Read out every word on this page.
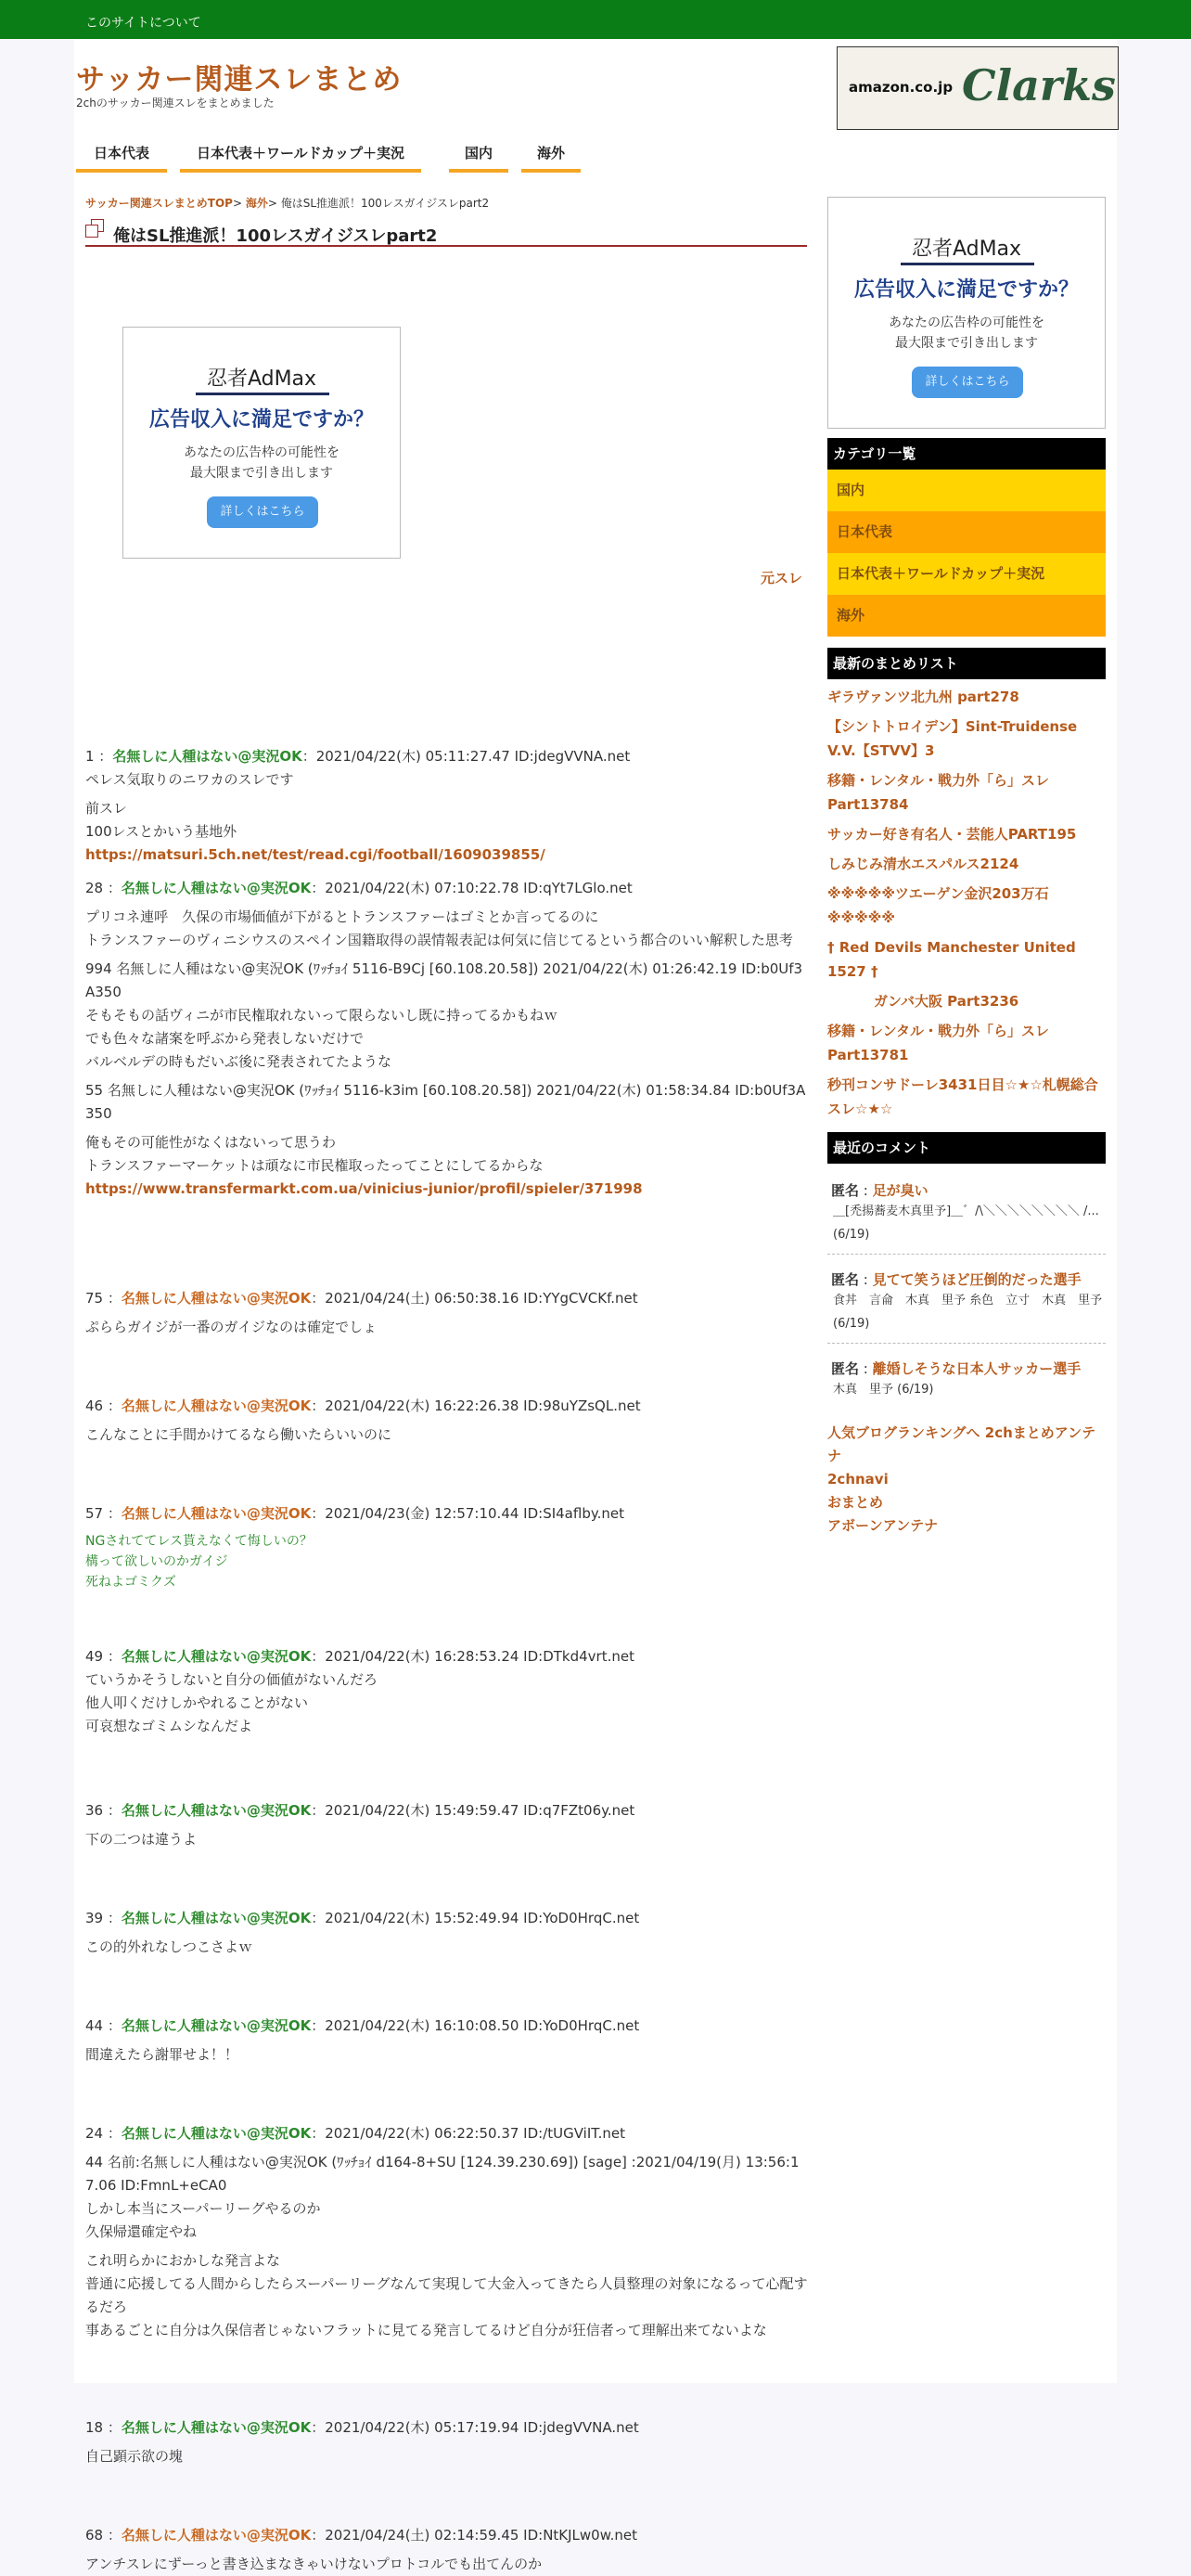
このサイトについて
サッカー関連スレまとめ
2chのサッカー関連スレをまとめました
amazon.co.jp Clarks
日本代表	日本代表＋ワールドカップ＋実況	国内	海外
サッカー関連スレまとめTOP> 海外> 俺はSL推進派！100レスガイジスレpart2
俺はSL推進派！100レスガイジスレpart2
忍者AdMax
広告収入に満足ですか？
あなたの広告枠の可能性を
最大限まで引き出します
詳しくはこちら
元スレ
1 ：名無しに人種はない@実況OK：2021/04/22(木) 05:11:27.47 ID:jdegVVNA.net
ペレス気取りのニワカのスレです

前スレ
100レスとかいう基地外
https://matsuri.5ch.net/test/read.cgi/football/1609039855/

28 ：名無しに人種はない@実況OK：2021/04/22(木) 07:10:22.78 ID:qYt7LGlo.net

プリコネ連呼　久保の市場価値が下がるとトランスファーはゴミとか言ってるのに
トランスファーのヴィニシウスのスペイン国籍取得の誤情報表記は何気に信じてるという都合のいい解釈した思考

994 名無しに人種はない@実況OK (ﾜｯﾁｮｲ 5116-B9Cj [60.108.20.58]) 2021/04/22(木) 01:26:42.19 ID:b0Uf3A350
そもそもの話ヴィニが市民権取れないって限らないし既に持ってるかもねｗ
でも色々な諸案を呼ぶから発表しないだけで
バルベルデの時もだいぶ後に発表されてたような

55 名無しに人種はない@実況OK (ﾜｯﾁｮｲ 5116-k3im [60.108.20.58]) 2021/04/22(木) 01:58:34.84 ID:b0Uf3A350

俺もその可能性がなくはないって思うわ
トランスファーマーケットは頑なに市民権取ったってことにしてるからな
https://www.transfermarkt.com.ua/vinicius-junior/profil/spieler/371998

75 ：名無しに人種はない@実況OK：2021/04/24(土) 06:50:38.16 ID:YYgCVCKf.net

ぷららガイジが一番のガイジなのは確定でしょ

46 ：名無しに人種はない@実況OK：2021/04/22(木) 16:22:26.38 ID:98uYZsQL.net

こんなことに手間かけてるなら働いたらいいのに

57 ：名無しに人種はない@実況OK：2021/04/23(金) 12:57:10.44 ID:SI4aflby.net

NGされててレス貰えなくて悔しいの？
構って欲しいのかガイジ
死ねよゴミクズ

49 ：名無しに人種はない@実況OK：2021/04/22(木) 16:28:53.24 ID:DTkd4vrt.net
ていうかそうしないと自分の価値がないんだろ
他人叩くだけしかやれることがない
可哀想なゴミムシなんだよ
36 ：名無しに人種はない@実況OK：2021/04/22(木) 15:49:59.47 ID:q7FZt06y.net

下の二つは違うよ

39 ：名無しに人種はない@実況OK：2021/04/22(木) 15:52:49.94 ID:YoD0HrqC.net

この的外れなしつこさよｗ

44 ：名無しに人種はない@実況OK：2021/04/22(木) 16:10:08.50 ID:YoD0HrqC.net

間違えたら謝罪せよ！！

24 ：名無しに人種はない@実況OK：2021/04/22(木) 06:22:50.37 ID:/tUGViIT.net

44 名前:名無しに人種はない@実況OK (ﾜｯﾁｮｲ d164-8+SU [124.39.230.69]) [sage] :2021/04/19(月) 13:56:17.06 ID:FmnL+eCA0
しかし本当にスーパーリーグやるのか
久保帰還確定やね

これ明らかにおかしな発言よな
普通に応援してる人間からしたらスーパーリーグなんて実現して大金入ってきたら人員整理の対象になるって心配するだろ
事あるごとに自分は久保信者じゃないフラットに見てる発言してるけど自分が狂信者って理解出来てないよな

18 ：名無しに人種はない@実況OK：2021/04/22(木) 05:17:19.94 ID:jdegVVNA.net

自己顕示欲の塊

68 ：名無しに人種はない@実況OK：2021/04/24(土) 02:14:59.45 ID:NtKJLw0w.net

アンチスレにずーっと書き込まなきゃいけないプロトコルでも出てんのか

忍者AdMax
広告収入に満足ですか？
あなたの広告枠の可能性を
最大限まで引き出します
詳しくはこちら
カテゴリ一覧
国内
日本代表
日本代表＋ワールドカップ＋実況
海外
最新のまとめリスト
ギラヴァンツ北九州 part278
【シントトロイデン】Sint-Truidense V.V.【STVV】3
移籍・レンタル・戦力外「ら」スレ Part13784
サッカー好き有名人・芸能人PART195
しみじみ清水エスパルス2124
※※※※※ツエーゲン金沢203万石※※※※※
† Red Devils Manchester United 1527 †
ガンバ大阪 Part3236
移籍・レンタル・戦力外「ら」スレ Part13781
秒刊コンサドーレ3431日目☆★☆札幌総合スレ☆★☆
最近のコメント
匿名 : 足が臭い
＿[禿揚蕎麦木真里予]＿゛/\＼＼＼＼＼＼＼＼ /... (6/19)
匿名 : 見てて笑うほど圧倒的だった選手
食丼　言侖　木真　里予 糸色　立寸　木真　里予 (6/19)
匿名 : 離婚しそうな日本人サッカー選手
木真　里予 (6/19)
人気ブログランキングへ 2chまとめアンテナ
2chnavi
おまとめ
アボーンアンテナ
